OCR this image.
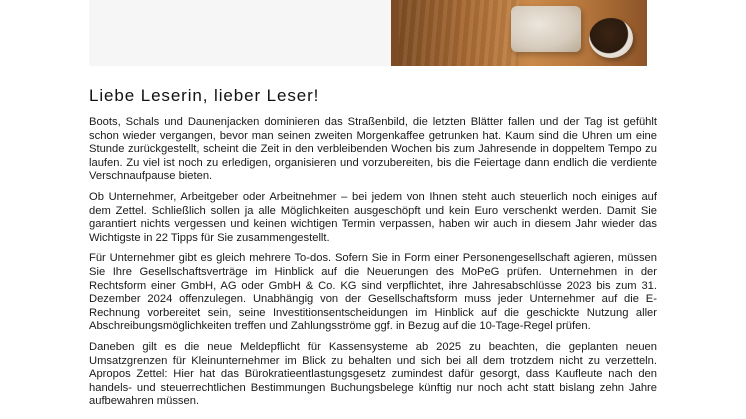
Liebe Leserin, lieber Leser!

Boots, Schals und Daunenjacken dominieren das Straßenbild, die letzten Blätter fallen und der Tag ist gefühlt schon wieder vergangen, bevor man seinen zweiten Morgenkaffee getrunken hat. Kaum sind die Uhren um eine Stunde zurückgestellt, scheint die Zeit in den verbleibenden Wochen bis zum Jahresende in doppeltem Tempo zu laufen. Zu viel ist noch zu erledigen, organisieren und vorzubereiten, bis die Feiertage dann endlich die verdiente Verschnaufpause bieten.

Ob Unternehmer, Arbeitgeber oder Arbeitnehmer – bei jedem von Ihnen steht auch steuerlich noch einiges auf dem Zettel. Schließlich sollen ja alle Möglichkeiten ausgeschöpft und kein Euro verschenkt werden. Damit Sie garantiert nichts vergessen und keinen wichtigen Termin verpassen, haben wir auch in diesem Jahr wieder das Wichtigste in 22 Tipps für Sie zusammengestellt.

Für Unternehmer gibt es gleich mehrere To-dos. Sofern Sie in Form einer Personengesellschaft agieren, müssen Sie Ihre Gesellschaftsverträge im Hinblick auf die Neuerungen des MoPeG prüfen. Unternehmen in der Rechtsform einer GmbH, AG oder GmbH & Co. KG sind verpflichtet, ihre Jahresabschlüsse 2023 bis zum 31. Dezember 2024 offenzulegen. Unabhängig von der Gesellschaftsform muss jeder Unternehmer auf die E-Rechnung vorbereitet sein, seine Investitionsentscheidungen im Hinblick auf die geschickte Nutzung aller Abschreibungsmöglichkeiten treffen und Zahlungsströme ggf. in Bezug auf die 10-Tage-Regel prüfen.

Daneben gilt es die neue Meldepflicht für Kassensysteme ab 2025 zu beachten, die geplanten neuen Umsatzgrenzen für Kleinunternehmer im Blick zu behalten und sich bei all dem trotzdem nicht zu verzetteln. Apropos Zettel: Hier hat das Bürokratieentlastungsgesetz zumindest dafür gesorgt, dass Kaufleute nach den handels- und steuerrechtlichen Bestimmungen Buchungsbelege künftig nur noch acht statt bislang zehn Jahre aufbewahren müssen.
